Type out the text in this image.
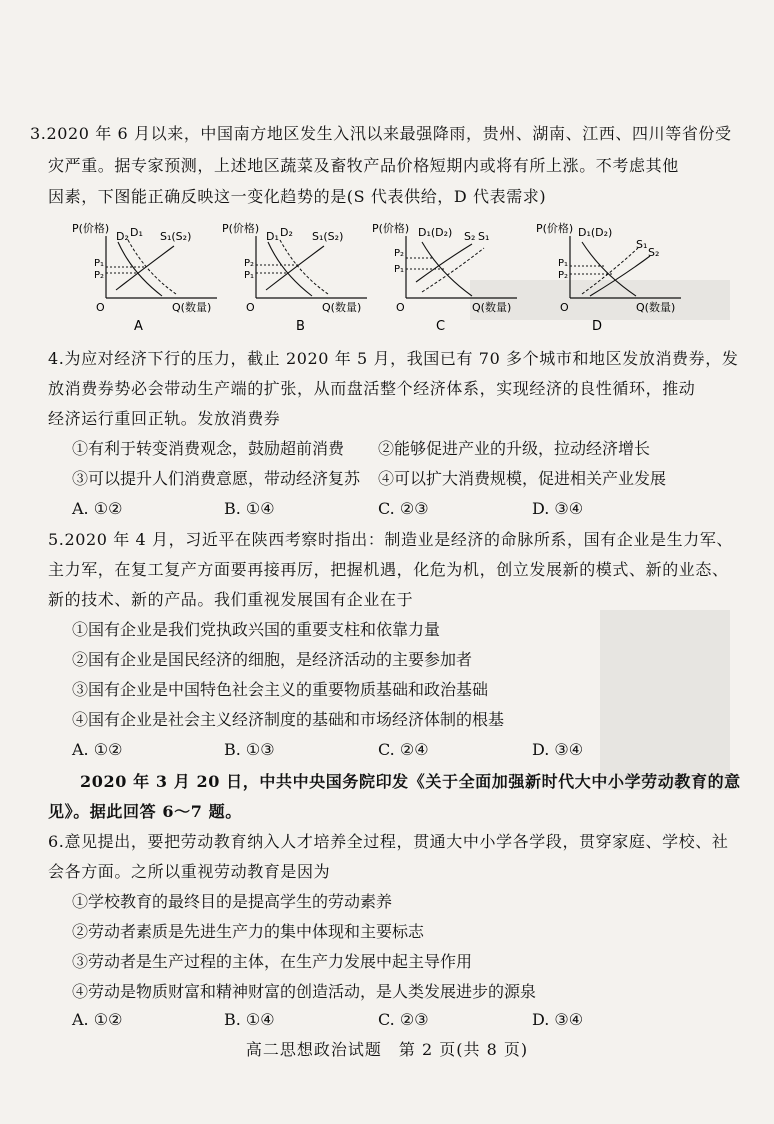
3.2020 年 6 月以来，中国南方地区发生入汛以来最强降雨，贵州、湖南、江西、四川等省份受
灾严重。据专家预测，上述地区蔬菜及畜牧产品价格短期内或将有所上涨。不考虑其他
因素，下图能正确反映这一变化趋势的是(S 代表供给，D 代表需求)
P(价格)
O	Q(数量)
D₂ D₁ S₁(S₂)
P₁
P₂
A
P(价格)
O	Q(数量)
D₁ D₂ S₁(S₂)
P₂
P₁
B
P(价格)
O	Q(数量)
D₁(D₂) S₂ S₁
P₂
P₁
C
P(价格)
O	Q(数量)
D₁(D₂)
S₁
S₂
P₁
P₂
D
4.为应对经济下行的压力，截止 2020 年 5 月，我国已有 70 多个城市和地区发放消费券，发
放消费券势必会带动生产端的扩张，从而盘活整个经济体系，实现经济的良性循环，推动
经济运行重回正轨。发放消费券
①有利于转变消费观念，鼓励超前消费 ②能够促进产业的升级，拉动经济增长
③可以提升人们消费意愿，带动经济复苏 ④可以扩大消费规模，促进相关产业发展
A. ①②	B. ①④	C. ②③	D. ③④
5.2020 年 4 月，习近平在陕西考察时指出：制造业是经济的命脉所系，国有企业是生力军、
主力军，在复工复产方面要再接再厉，把握机遇，化危为机，创立发展新的模式、新的业态、
新的技术、新的产品。我们重视发展国有企业在于
①国有企业是我们党执政兴国的重要支柱和依靠力量
②国有企业是国民经济的细胞，是经济活动的主要参加者
③国有企业是中国特色社会主义的重要物质基础和政治基础
④国有企业是社会主义经济制度的基础和市场经济体制的根基
A. ①②	B. ①③	C. ②④	D. ③④
2020 年 3 月 20 日，中共中央国务院印发《关于全面加强新时代大中小学劳动教育的意
见》。据此回答 6～7 题。
6.意见提出，要把劳动教育纳入人才培养全过程，贯通大中小学各学段，贯穿家庭、学校、社
会各方面。之所以重视劳动教育是因为
①学校教育的最终目的是提高学生的劳动素养
②劳动者素质是先进生产力的集中体现和主要标志
③劳动者是生产过程的主体，在生产力发展中起主导作用
④劳动是物质财富和精神财富的创造活动，是人类发展进步的源泉
A. ①②	B. ①④	C. ②③	D. ③④
高二思想政治试题　第 2 页(共 8 页)
